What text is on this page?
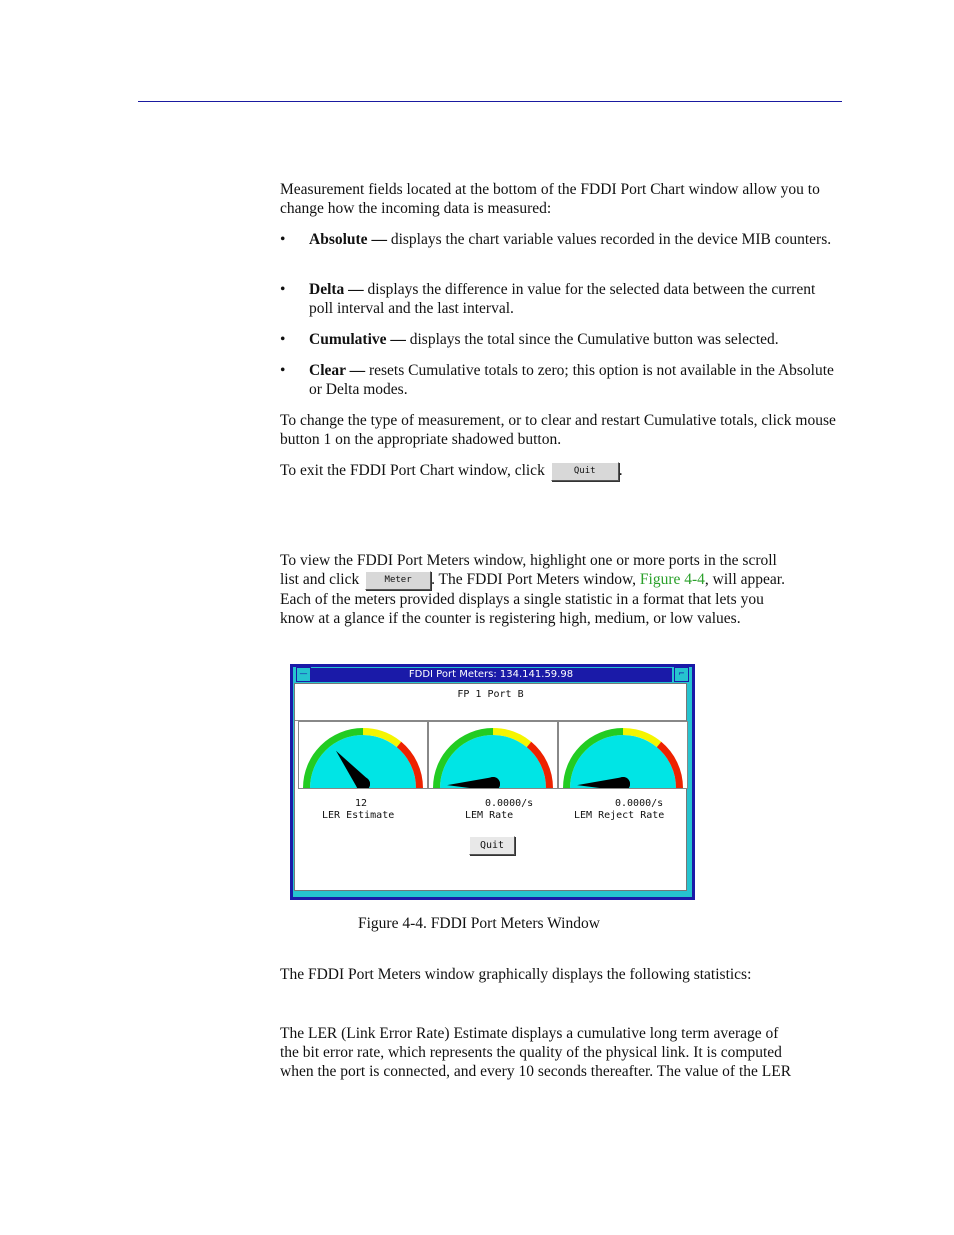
Measurement fields located at the bottom of the FDDI Port Chart window allow you to change how the incoming data is measured:
• Absolute — displays the chart variable values recorded in the device MIB counters.
• Delta — displays the difference in value for the selected data between the current poll interval and the last interval.
• Cumulative — displays the total since the Cumulative button was selected.
• Clear — resets Cumulative totals to zero; this option is not available in the Absolute or Delta modes.
To change the type of measurement, or to clear and restart Cumulative totals, click mouse button 1 on the appropriate shadowed button.
To exit the FDDI Port Chart window, click	Quit .
To view the FDDI Port Meters window, highlight one or more ports in the scroll
list and click	Meter . The FDDI Port Meters window, Figure 4-4, will appear.
Each of the meters provided displays a single statistic in a format that lets you
know at a glance if the counter is registering high, medium, or low values.
—	FDDI Port Meters: 134.141.59.98	⌐
FP 1 Port B
12
LER Estimate
0.0000/s
LEM Rate
0.0000/s
LEM Reject Rate
Quit
Figure 4-4. FDDI Port Meters Window
The FDDI Port Meters window graphically displays the following statistics:
The LER (Link Error Rate) Estimate displays a cumulative long term average of
the bit error rate, which represents the quality of the physical link. It is computed
when the port is connected, and every 10 seconds thereafter. The value of the LER
